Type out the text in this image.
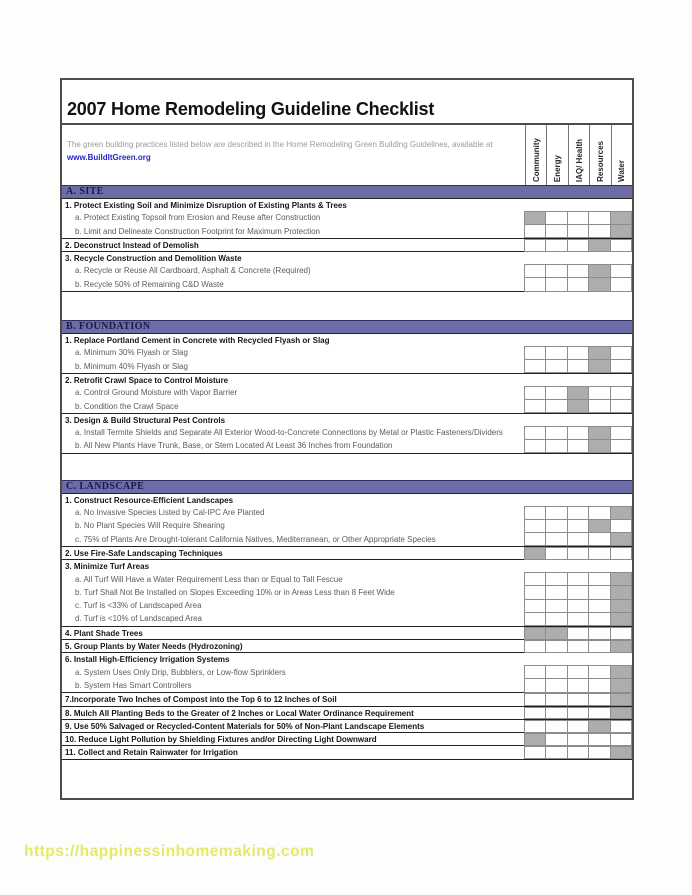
2007 Home Remodeling Guideline Checklist
The green building practices listed below are described in the Home Remodeling Green Building Guidelines, available at www.BuildItGreen.org	Community Energy IAQ/ Health Resources Water
A. SITE
1. Protect Existing Soil and Minimize Disruption of Existing Plants & Trees
a. Protect Existing Topsoil from Erosion and Reuse after Construction
b. Limit and Delineate Construction Footprint for Maximum Protection
2. Deconstruct Instead of Demolish
3. Recycle Construction and Demolition Waste
a. Recycle or Reuse All Cardboard, Asphalt & Concrete (Required)
b. Recycle 50% of Remaining C&D Waste
B. FOUNDATION
1. Replace Portland Cement in Concrete with Recycled Flyash or Slag
a. Minimum 30% Flyash or Slag
b. Minimum 40% Flyash or Slag
2. Retrofit Crawl Space to Control Moisture
a. Control Ground Moisture with Vapor Barrier
b. Condition the Crawl Space
3. Design & Build Structural Pest Controls
a. Install Termite Shields and Separate All Exterior Wood-to-Concrete Connections by Metal or Plastic Fasteners/Dividers
b. All New Plants Have Trunk, Base, or Stem Located At Least 36 Inches from Foundation
C. LANDSCAPE
1. Construct Resource-Efficient Landscapes
a. No Invasive Species Listed by Cal-IPC Are Planted
b. No Plant Species Will Require Shearing
c. 75% of Plants Are Drought-tolerant California Natives, Mediterranean, or Other Appropriate Species
2. Use Fire-Safe Landscaping Techniques
3. Minimize Turf Areas
a. All Turf Will Have a Water Requirement Less than or Equal to Tall Fescue
b. Turf Shall Not Be Installed on Slopes Exceeding 10% or in Areas Less than 8 Feet Wide
c. Turf is <33% of Landscaped Area
d. Turf is <10% of Landscaped Area
4. Plant Shade Trees
5. Group Plants by Water Needs (Hydrozoning)
6. Install High-Efficiency Irrigation Systems
a. System Uses Only Drip, Bubblers, or Low-flow Sprinklers
b. System Has Smart Controllers
7.Incorporate Two Inches of Compost into the Top 6 to 12 Inches of Soil
8. Mulch All Planting Beds to the Greater of 2 Inches or Local Water Ordinance Requirement
9. Use 50% Salvaged or Recycled-Content Materials for 50% of Non-Plant Landscape Elements
10. Reduce Light Pollution by Shielding Fixtures and/or Directing Light Downward
11. Collect and Retain Rainwater for Irrigation
https://happinessinhomemaking.com
